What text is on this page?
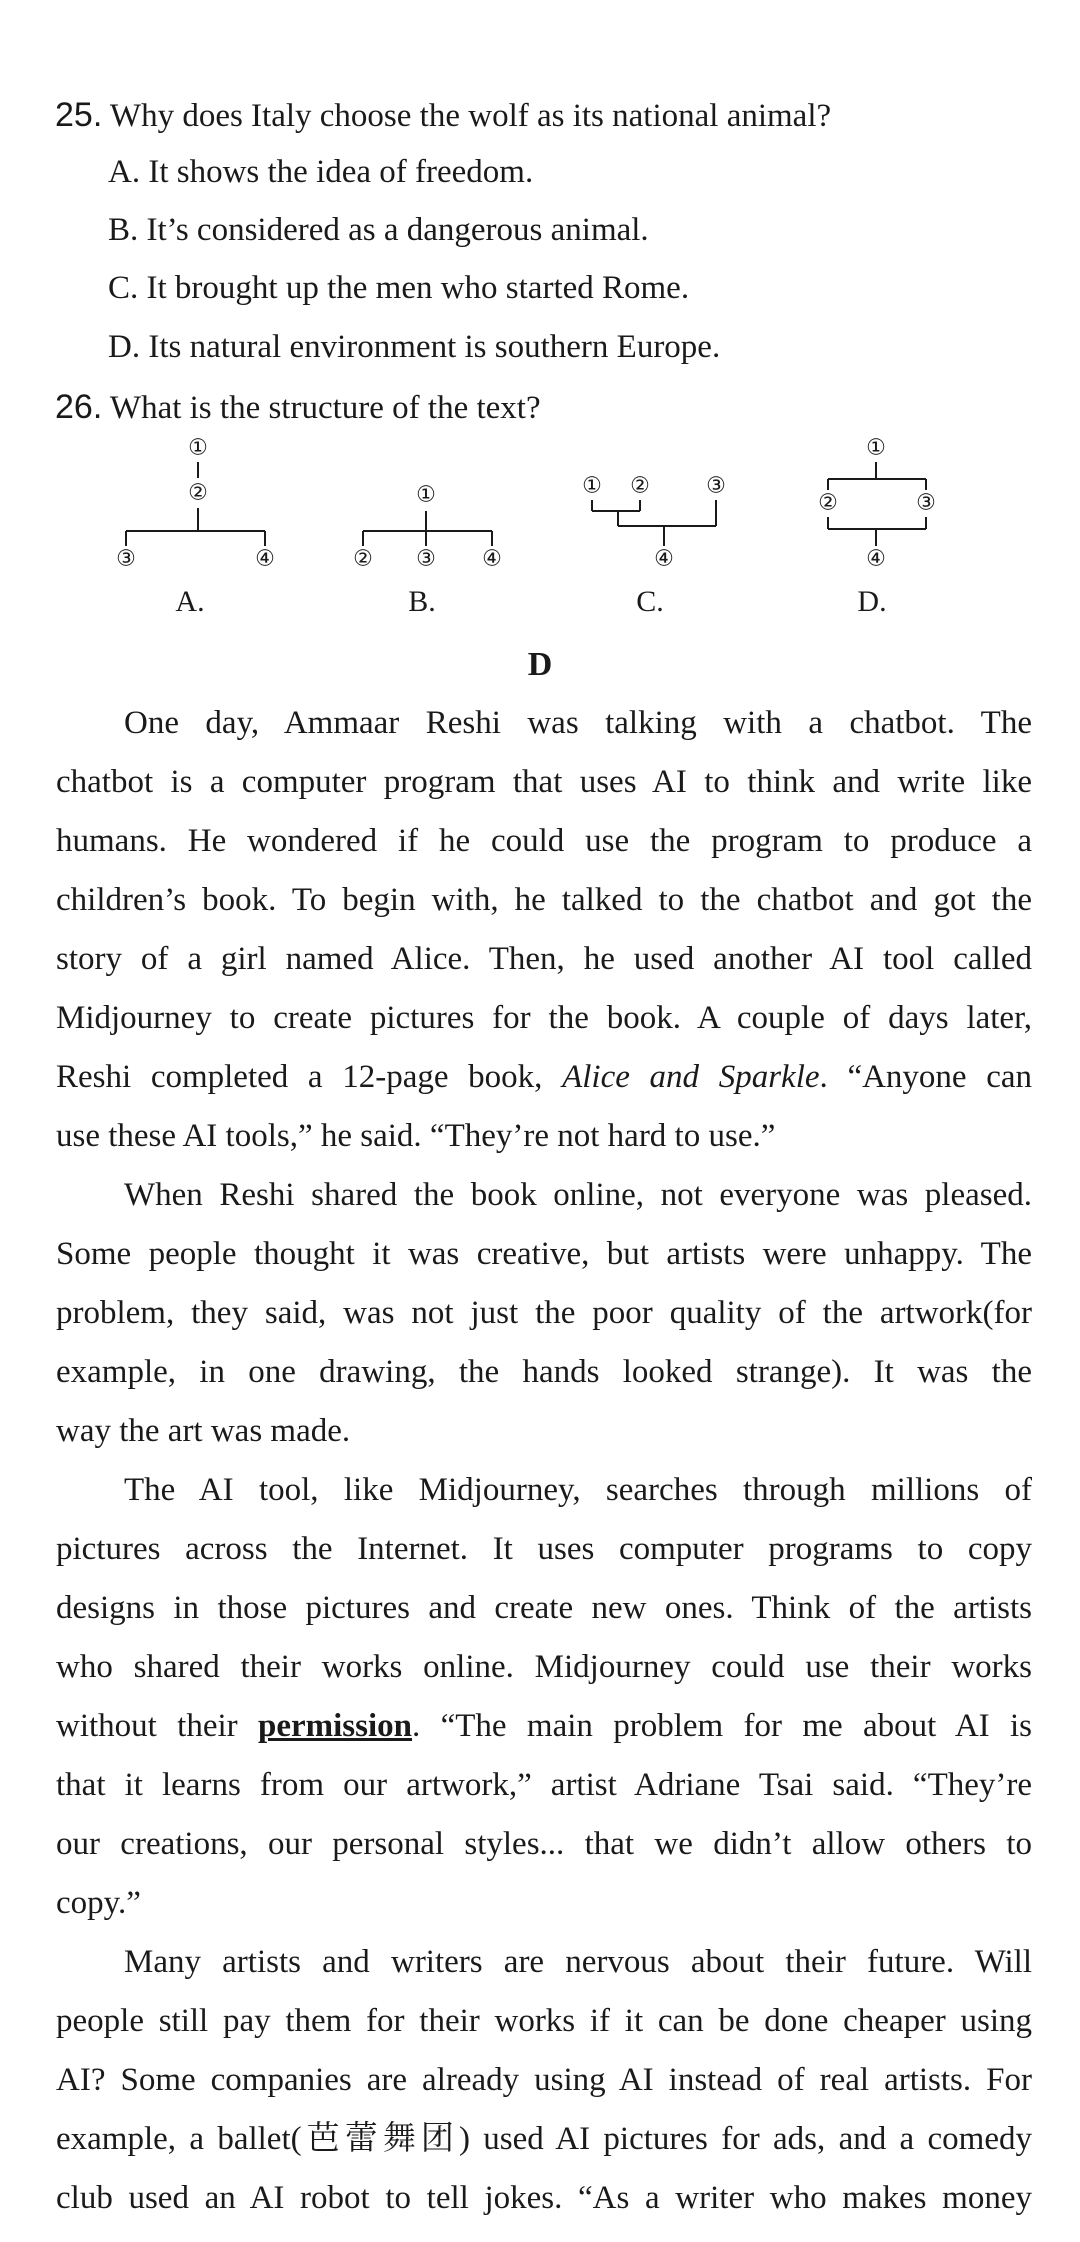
25. Why does Italy choose the wolf as its national animal?
A. It shows the idea of freedom.
B. It’s considered as a dangerous animal.
C. It brought up the men who started Rome.
D. Its natural environment is southern Europe.
26. What is the structure of the text?
①
②
③	④
①
② ③ ④
① ②	③
④
①
②	③
④
A.	B.	C.	D.
D
One day, Ammaar Reshi was talking with a chatbot. The
chatbot is a computer program that uses AI to think and write like
humans. He wondered if he could use the program to produce a
children’s book. To begin with, he talked to the chatbot and got the
story of a girl named Alice. Then, he used another AI tool called
Midjourney to create pictures for the book. A couple of days later,
Reshi completed a 12-page book, Alice and Sparkle. “Anyone can
use these AI tools,” he said. “They’re not hard to use.”
When Reshi shared the book online, not everyone was pleased.
Some people thought it was creative, but artists were unhappy. The
problem, they said, was not just the poor quality of the artwork(for
example, in one drawing, the hands looked strange). It was the
way the art was made.
The AI tool, like Midjourney, searches through millions of
pictures across the Internet. It uses computer programs to copy
designs in those pictures and create new ones. Think of the artists
who shared their works online. Midjourney could use their works
without their permission. “The main problem for me about AI is
that it learns from our artwork,” artist Adriane Tsai said. “They’re
our creations, our personal styles... that we didn’t allow others to
copy.”
Many artists and writers are nervous about their future. Will
people still pay them for their works if it can be done cheaper using
AI? Some companies are already using AI instead of real artists. For
example, a ballet(芭蕾舞团) used AI pictures for ads, and a comedy
club used an AI robot to tell jokes. “As a writer who makes money
